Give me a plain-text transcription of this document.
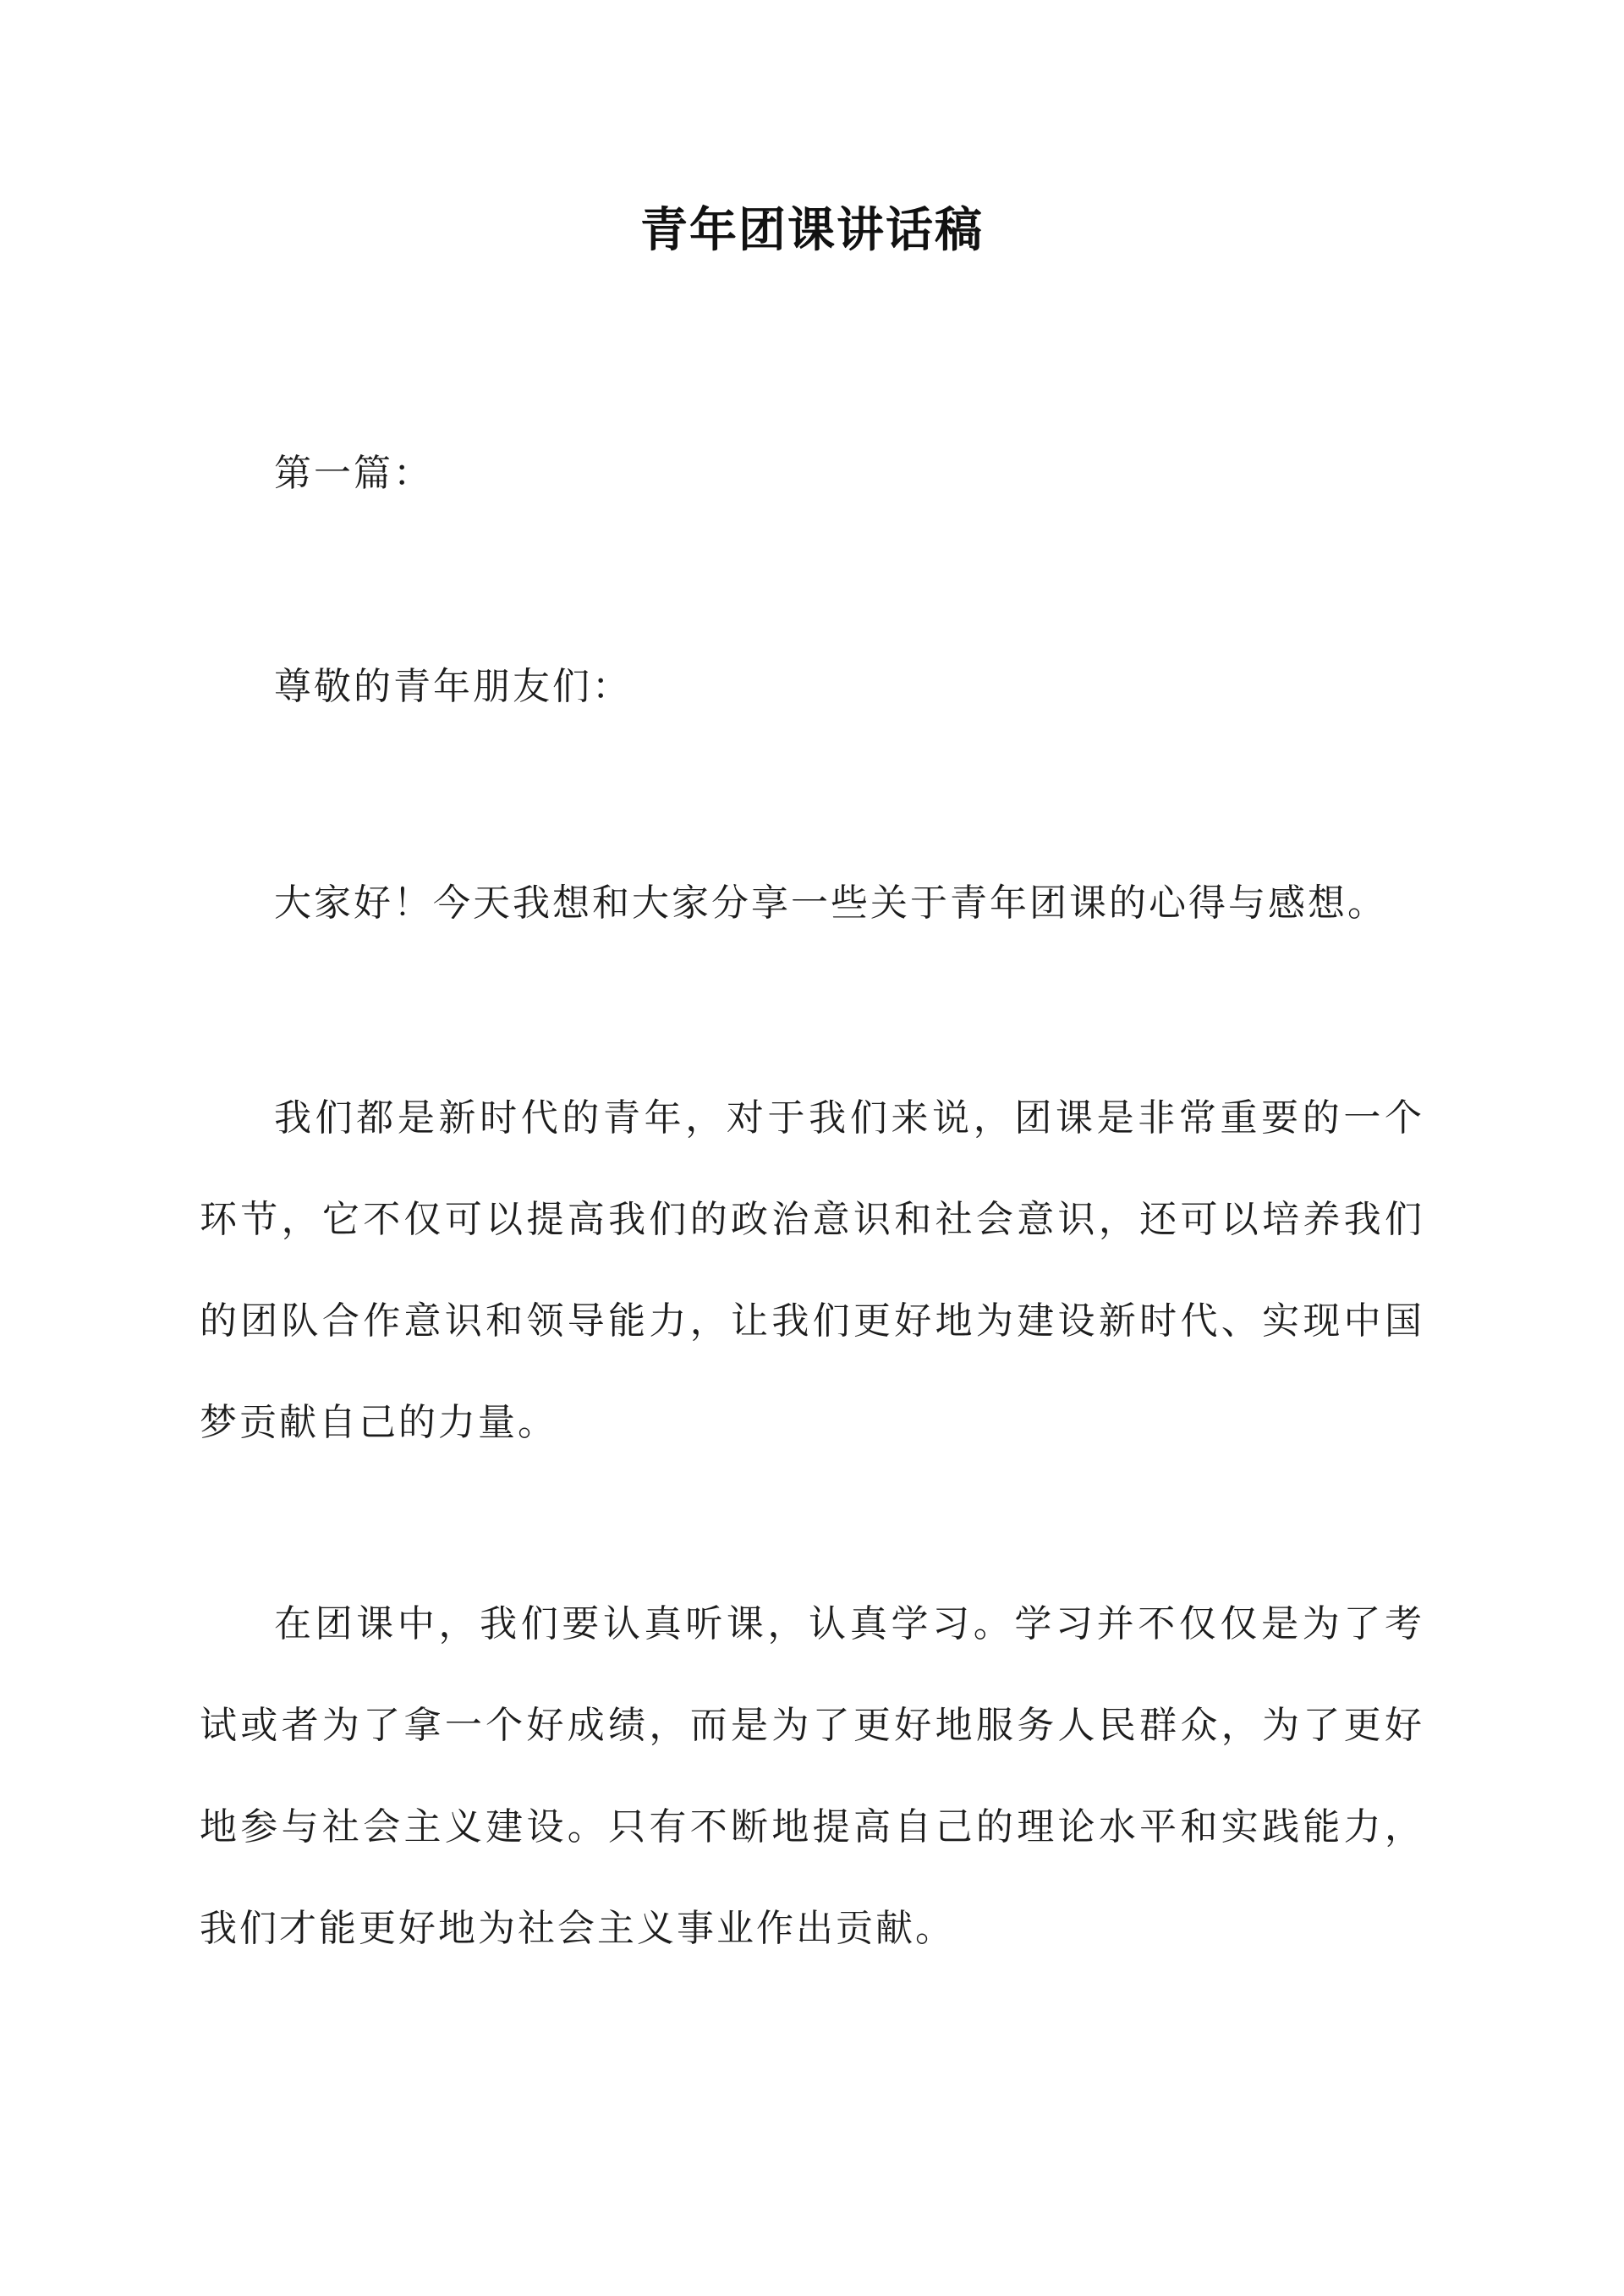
青年团课讲话稿

第一篇：

尊敬的青年朋友们：

大家好！今天我想和大家分享一些关于青年团课的心得与感想。

我们都是新时代的青年，对于我们来说，团课是非常重要的一个环节，它不仅可以提高我们的政治意识和社会意识，还可以培养我们的团队合作意识和领导能力，让我们更好地为建设新时代、实现中国梦贡献自己的力量。

在团课中，我们要认真听课，认真学习。学习并不仅仅是为了考试或者为了拿一个好成绩，而是为了更好地服务人民群众，为了更好地参与社会主义建设。只有不断地提高自己的理论水平和实践能力，我们才能更好地为社会主义事业作出贡献。
